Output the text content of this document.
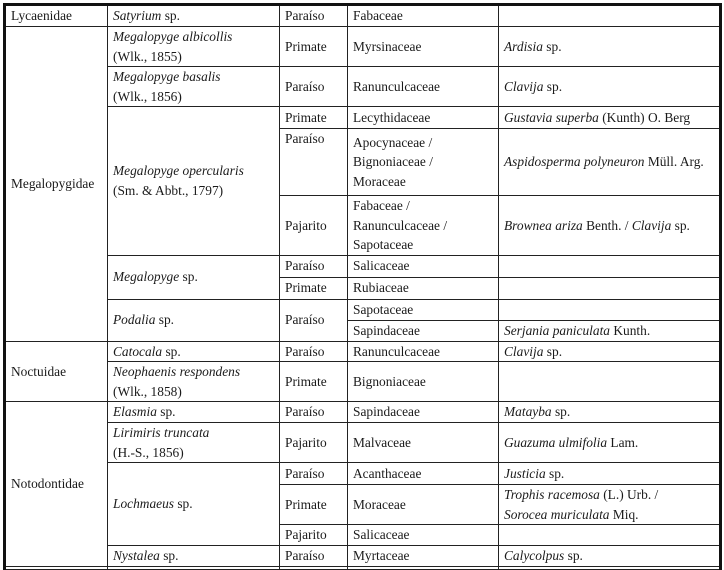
Lycaenidae	Satyrium sp.	Paraíso	Fabaceae	
Megalopygidae	Megalopyge albicollis
(Wlk., 1855)	Primate	Myrsinaceae	Ardisia sp.
	Megalopyge basalis
(Wlk., 1856)	Paraíso	Ranunculcaceae	Clavija sp.
	Megalopyge opercularis
(Sm. & Abbt., 1797)	Primate	Lecythidaceae	Gustavia superba (Kunth) O. Berg
		Paraíso	Apocynaceae /
Bignoniaceae /
Moraceae	Aspidosperma polyneuron Müll. Arg.
		Pajarito	Fabaceae /
Ranunculcaceae /
Sapotaceae	Brownea ariza Benth. / Clavija sp.
	Megalopyge sp.	Paraíso	Salicaceae	
		Primate	Rubiaceae	
	Podalia sp.	Paraíso	Sapotaceae	
			Sapindaceae	Serjania paniculata Kunth.
Noctuidae	Catocala sp.	Paraíso	Ranunculcaceae	Clavija sp.
	Neophaenis respondens
(Wlk., 1858)	Primate	Bignoniaceae	
Notodontidae	Elasmia sp.	Paraíso	Sapindaceae	Matayba sp.
	Lirimiris truncata
(H.-S., 1856)	Pajarito	Malvaceae	Guazuma ulmifolia Lam.
	Lochmaeus sp.	Paraíso	Acanthaceae	Justicia sp.
		Primate	Moraceae	Trophis racemosa (L.) Urb. /
Sorocea muriculata Miq.
		Pajarito	Salicaceae	
	Nystalea sp.	Paraíso	Myrtaceae	Calycolpus sp.
